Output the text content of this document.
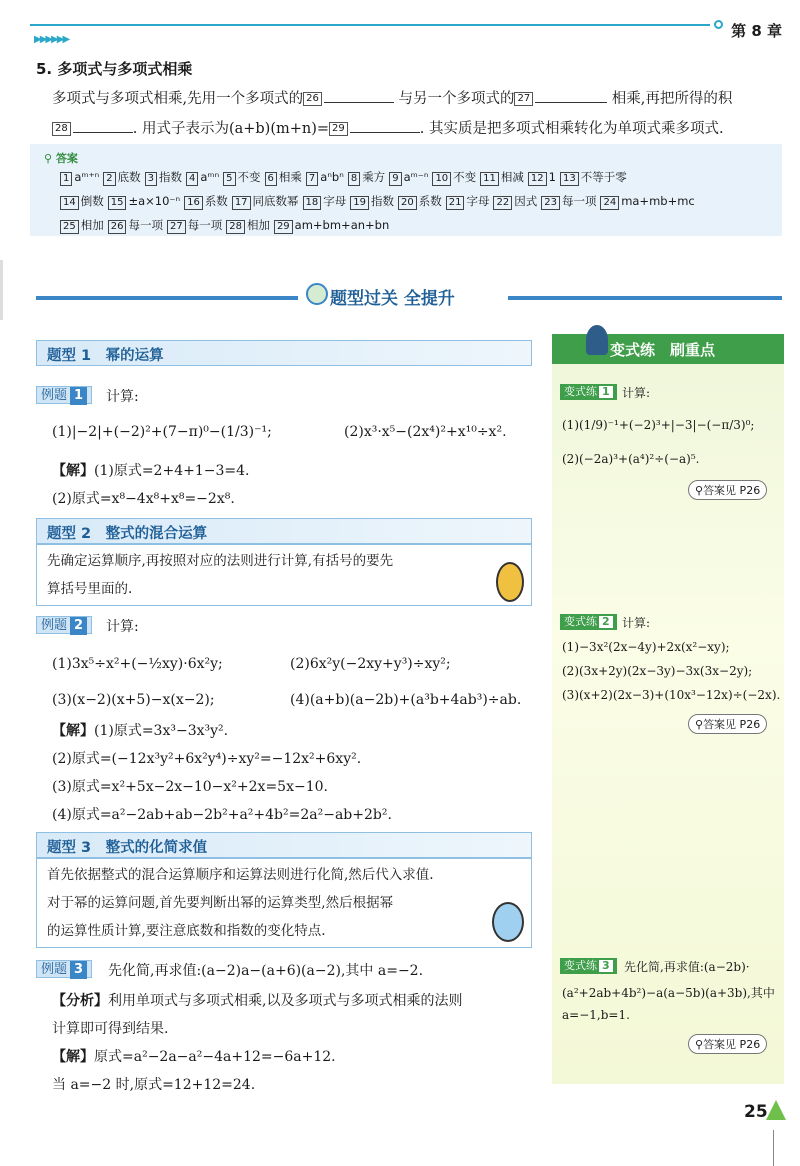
▶▶▶▶▶▶	第 8 章
5. 多项式与多项式相乘
多项式与多项式相乘,先用一个多项式的 26	与另一个多项式的 27	相乘,再把所得的积
28	. 用式子表示为(a+b)(m+n)= 29	. 其实质是把多项式相乘转化为单项式乘多项式.
⚲ 答案
1 aᵐ⁺ⁿ 2 底数 3 指数 4 aᵐⁿ 5 不变 6 相乘 7 aⁿbⁿ 8 乘方 9 aᵐ⁻ⁿ 10 不变 11 相减 12 1 13 不等于零
14 倒数 15 ±a×10⁻ⁿ 16 系数 17 同底数幂 18 字母 19 指数 20 系数 21 字母 22 因式 23 每一项 24 ma+mb+mc
25 相加 26 每一项 27 每一项 28 相加 29 am+bm+an+bn
题型过关 全提升
题型 1　幂的运算
例题 1	计算:
(1)|−2|+(−2)²+(7−π)⁰−(1/3)⁻¹;	(2)x³·x⁵−(2x⁴)²+x¹⁰÷x².
【解】(1)原式=2+4+1−3=4.
(2)原式=x⁸−4x⁸+x⁸=−2x⁸.
题型 2　整式的混合运算
先确定运算顺序,再按照对应的法则进行计算,有括号的要先
算括号里面的.
例题 2	计算:
(1)3x⁵÷x²+(−½xy)·6x²y;	(2)6x²y(−2xy+y³)÷xy²;
(3)(x−2)(x+5)−x(x−2);	(4)(a+b)(a−2b)+(a³b+4ab³)÷ab.
【解】(1)原式=3x³−3x³y².
(2)原式=(−12x³y²+6x²y⁴)÷xy²=−12x²+6xy².
(3)原式=x²+5x−2x−10−x²+2x=5x−10.
(4)原式=a²−2ab+ab−2b²+a²+4b²=2a²−ab+2b².
题型 3　整式的化简求值
首先依据整式的混合运算顺序和运算法则进行化简,然后代入求值.
对于幂的运算问题,首先要判断出幂的运算类型,然后根据幂
的运算性质计算,要注意底数和指数的变化特点.
例题 3	先化简,再求值:(a−2)a−(a+6)(a−2),其中 a=−2.
【分析】利用单项式与多项式相乘,以及多项式与多项式相乘的法则
计算即可得到结果.
【解】原式=a²−2a−a²−4a+12=−6a+12.
当 a=−2 时,原式=12+12=24.
变式练　刷重点
变式练 1	计算:
(1)(1/9)⁻¹+(−2)³+|−3|−(−π/3)⁰;
(2)(−2a)³+(a⁴)²÷(−a)⁵.
⚲答案见 P26
变式练 2	计算:
(1)−3x²(2x−4y)+2x(x²−xy);
(2)(3x+2y)(2x−3y)−3x(3x−2y);
(3)(x+2)(2x−3)+(10x³−12x)÷(−2x).
⚲答案见 P26
变式练 3	先化简,再求值:(a−2b)·
(a²+2ab+4b²)−a(a−5b)(a+3b),其中
a=−1,b=1.
⚲答案见 P26
25
